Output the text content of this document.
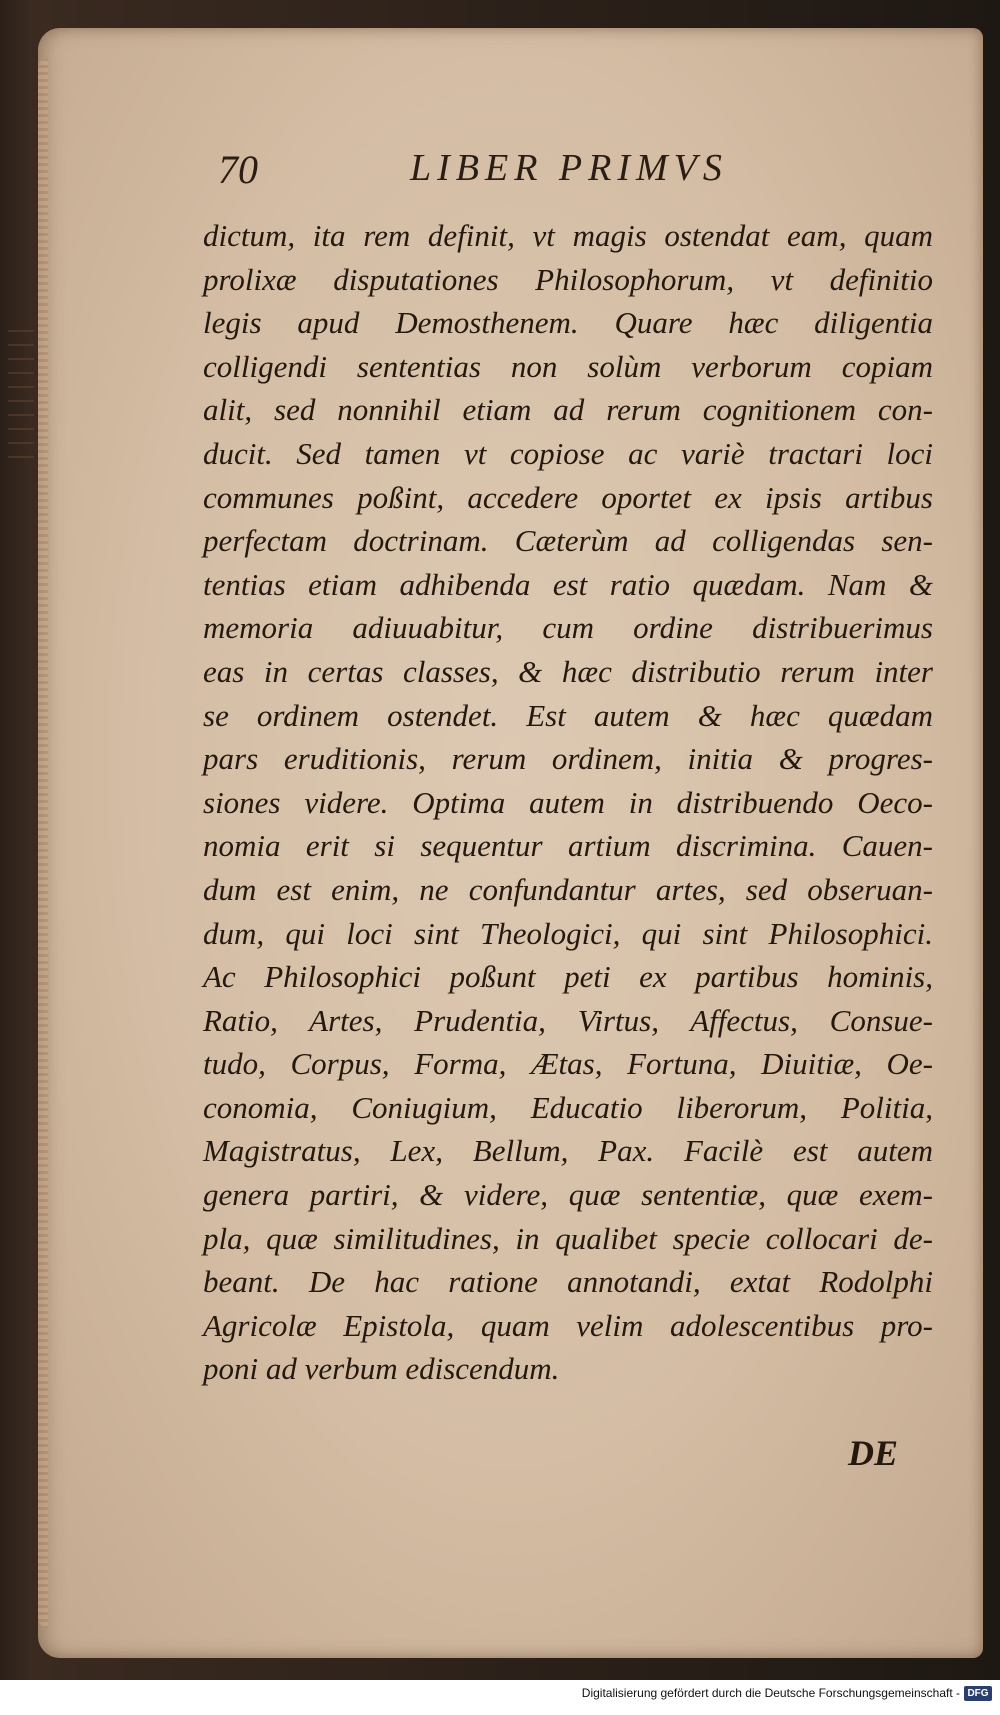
70	LIBER PRIMVS
dictum, ita rem definit, vt magis ostendat eam, quam
prolixæ disputationes Philosophorum, vt definitio
legis apud Demosthenem. Quare hæc diligentia
colligendi sententias non solùm verborum copiam
alit, sed nonnihil etiam ad rerum cognitionem con-
ducit. Sed tamen vt copiose ac variè tractari loci
communes poßint, accedere oportet ex ipsis artibus
perfectam doctrinam. Cæterùm ad colligendas sen-
tentias etiam adhibenda est ratio quædam. Nam &
memoria adiuuabitur, cum ordine distribuerimus
eas in certas classes, & hæc distributio rerum inter
se ordinem ostendet. Est autem & hæc quædam
pars eruditionis, rerum ordinem, initia & progres-
siones videre. Optima autem in distribuendo Oeco-
nomia erit si sequentur artium discrimina. Cauen-
dum est enim, ne confundantur artes, sed obseruan-
dum, qui loci sint Theologici, qui sint Philosophici.
Ac Philosophici poßunt peti ex partibus hominis,
Ratio, Artes, Prudentia, Virtus, Affectus, Consue-
tudo, Corpus, Forma, Ætas, Fortuna, Diuitiæ, Oe-
conomia, Coniugium, Educatio liberorum, Politia,
Magistratus, Lex, Bellum, Pax. Facilè est autem
genera partiri, & videre, quæ sententiæ, quæ exem-
pla, quæ similitudines, in qualibet specie collocari de-
beant. De hac ratione annotandi, extat Rodolphi
Agricolæ Epistola, quam velim adolescentibus pro-
poni ad verbum ediscendum.
DE
Digitalisierung gefördert durch die Deutsche Forschungsgemeinschaft - DFG
